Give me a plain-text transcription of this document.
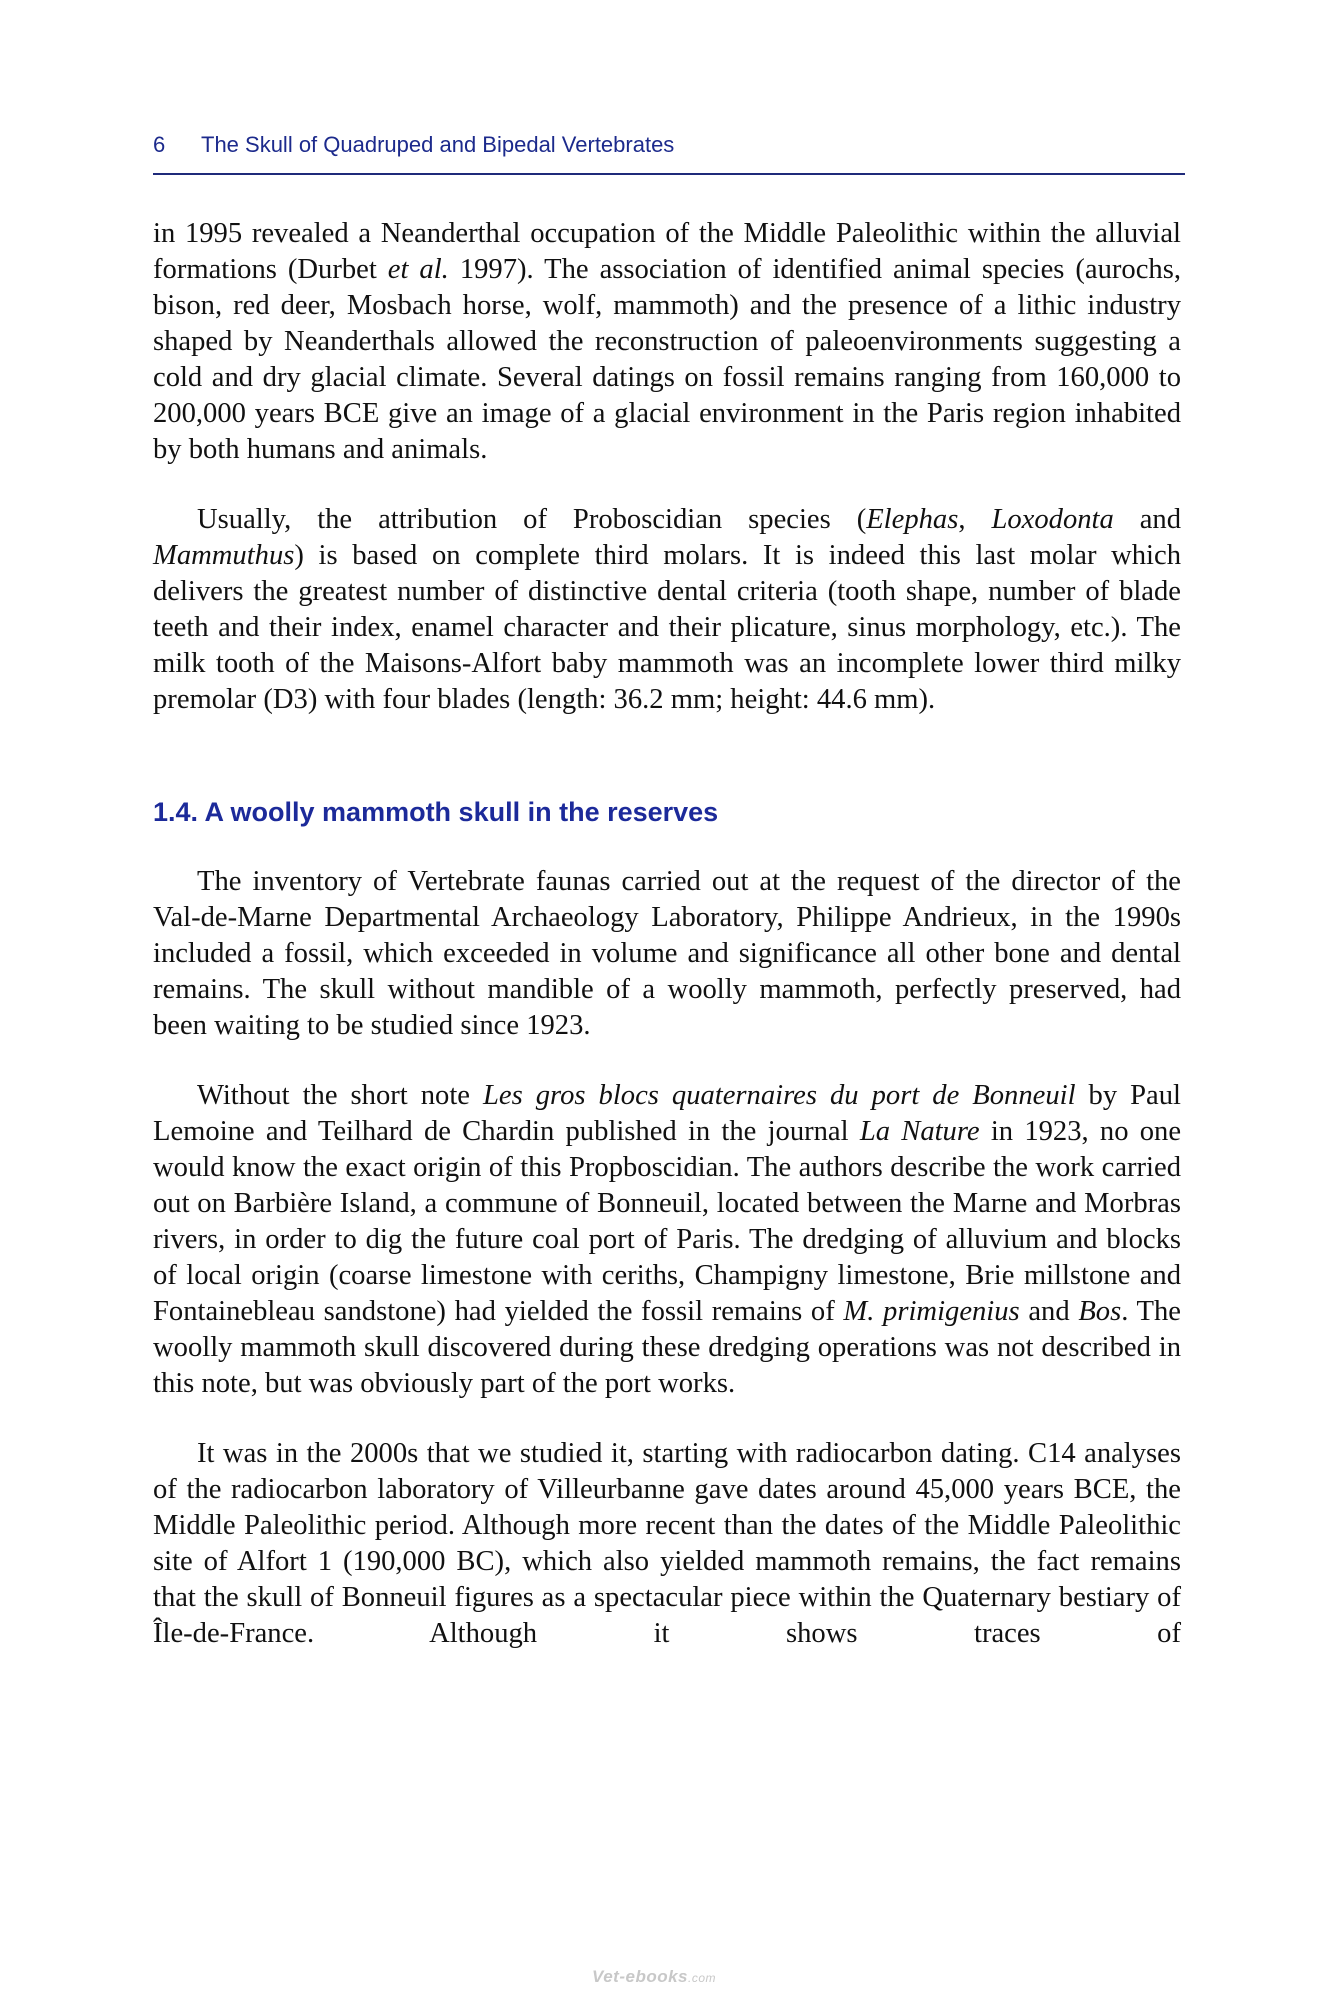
6 The Skull of Quadruped and Bipedal Vertebrates

in 1995 revealed a Neanderthal occupation of the Middle Paleolithic within the alluvial formations (Durbet et al. 1997). The association of identified animal species (aurochs, bison, red deer, Mosbach horse, wolf, mammoth) and the presence of a lithic industry shaped by Neanderthals allowed the reconstruction of paleoenvironments suggesting a cold and dry glacial climate. Several datings on fossil remains ranging from 160,000 to 200,000 years BCE give an image of a glacial environment in the Paris region inhabited by both humans and animals.

Usually, the attribution of Proboscidian species (Elephas, Loxodonta and Mammuthus) is based on complete third molars. It is indeed this last molar which delivers the greatest number of distinctive dental criteria (tooth shape, number of blade teeth and their index, enamel character and their plicature, sinus morphology, etc.). The milk tooth of the Maisons-Alfort baby mammoth was an incomplete lower third milky premolar (D3) with four blades (length: 36.2 mm; height: 44.6 mm).

1.4. A woolly mammoth skull in the reserves

The inventory of Vertebrate faunas carried out at the request of the director of the Val-de-Marne Departmental Archaeology Laboratory, Philippe Andrieux, in the 1990s included a fossil, which exceeded in volume and significance all other bone and dental remains. The skull without mandible of a woolly mammoth, perfectly preserved, had been waiting to be studied since 1923.

Without the short note Les gros blocs quaternaires du port de Bonneuil by Paul Lemoine and Teilhard de Chardin published in the journal La Nature in 1923, no one would know the exact origin of this Propboscidian. The authors describe the work carried out on Barbière Island, a commune of Bonneuil, located between the Marne and Morbras rivers, in order to dig the future coal port of Paris. The dredging of alluvium and blocks of local origin (coarse limestone with ceriths, Champigny limestone, Brie millstone and Fontainebleau sandstone) had yielded the fossil remains of M. primigenius and Bos. The woolly mammoth skull discovered during these dredging operations was not described in this note, but was obviously part of the port works.

It was in the 2000s that we studied it, starting with radiocarbon dating. C14 analyses of the radiocarbon laboratory of Villeurbanne gave dates around 45,000 years BCE, the Middle Paleolithic period. Although more recent than the dates of the Middle Paleolithic site of Alfort 1 (190,000 BC), which also yielded mammoth remains, the fact remains that the skull of Bonneuil figures as a spectacular piece within the Quaternary bestiary of Île-de-France. Although it shows traces of

Vet-ebooks.com
